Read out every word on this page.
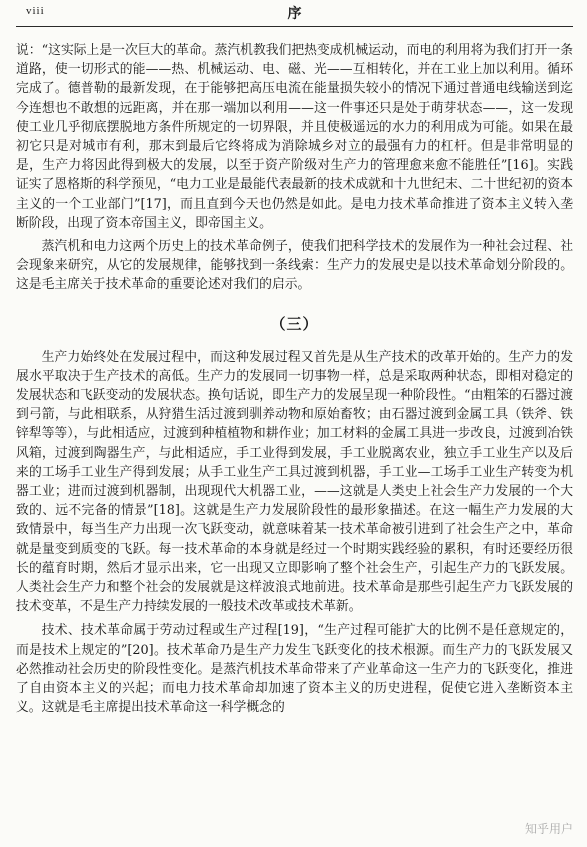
viii	序

说：“这实际上是一次巨大的革命。蒸汽机教我们把热变成机械运动，而电的利用将为我们打开一条道路，使一切形式的能——热、机械运动、电、磁、光——互相转化，并在工业上加以利用。循环完成了。德普勒的最新发现，在于能够把高压电流在能量损失较小的情况下通过普通电线输送到迄今连想也不敢想的远距离，并在那一端加以利用——这一件事还只是处于萌芽状态——，这一发现使工业几乎彻底摆脱地方条件所规定的一切界限，并且使极遥远的水力的利用成为可能。如果在最初它只是对城市有利，那末到最后它终将成为消除城乡对立的最强有力的杠杆。但是非常明显的是，生产力将因此得到极大的发展，以至于资产阶级对生产力的管理愈来愈不能胜任”[16]。实践证实了恩格斯的科学预见，“电力工业是最能代表最新的技术成就和十九世纪末、二十世纪初的资本主义的一个工业部门”[17]，而且直到今天也仍然是如此。是电力技术革命推进了资本主义转入垄断阶段，出现了资本帝国主义，即帝国主义。

蒸汽机和电力这两个历史上的技术革命例子，使我们把科学技术的发展作为一种社会过程、社会现象来研究，从它的发展规律，能够找到一条线索：生产力的发展史是以技术革命划分阶段的。这是毛主席关于技术革命的重要论述对我们的启示。

（三）

生产力始终处在发展过程中，而这种发展过程又首先是从生产技术的改革开始的。生产力的发展水平取决于生产技术的高低。生产力的发展同一切事物一样，总是采取两种状态，即相对稳定的发展状态和飞跃变动的发展状态。换句话说，即生产力的发展呈现一种阶段性。“由粗笨的石器过渡到弓箭，与此相联系，从狩猎生活过渡到驯养动物和原始畜牧；由石器过渡到金属工具（铁斧、铁锌犁等等），与此相适应，过渡到种植植物和耕作业；加工材料的金属工具进一步改良，过渡到冶铁风箱，过渡到陶器生产，与此相适应，手工业得到发展，手工业脱离农业，独立手工业生产以及后来的工场手工业生产得到发展；从手工业生产工具过渡到机器，手工业—工场手工业生产转变为机器工业；进而过渡到机器制，出现现代大机器工业，——这就是人类史上社会生产力发展的一个大致的、远不完备的情景”[18]。这就是生产力发展阶段性的最形象描述。在这一幅生产力发展的大致情景中，每当生产力出现一次飞跃变动，就意味着某一技术革命被引进到了社会生产之中，革命就是量变到质变的飞跃。每一技术革命的本身就是经过一个时期实践经验的累积，有时还要经历很长的蕴育时期，然后才显示出来，它一出现又立即影响了整个社会生产，引起生产力的飞跃发展。人类社会生产力和整个社会的发展就是这样波浪式地前进。技术革命是那些引起生产力飞跃发展的技术变革，不是生产力持续发展的一般技术改革或技术革新。

技术、技术革命属于劳动过程或生产过程[19]，“生产过程可能扩大的比例不是任意规定的，而是技术上规定的”[20]。技术革命乃是生产力发生飞跃变化的技术根源。而生产力的飞跃发展又必然推动社会历史的阶段性变化。是蒸汽机技术革命带来了产业革命这一生产力的飞跃变化，推进了自由资本主义的兴起；而电力技术革命却加速了资本主义的历史进程，促使它进入垄断资本主义。这就是毛主席提出技术革命这一科学概念的

知乎用户
